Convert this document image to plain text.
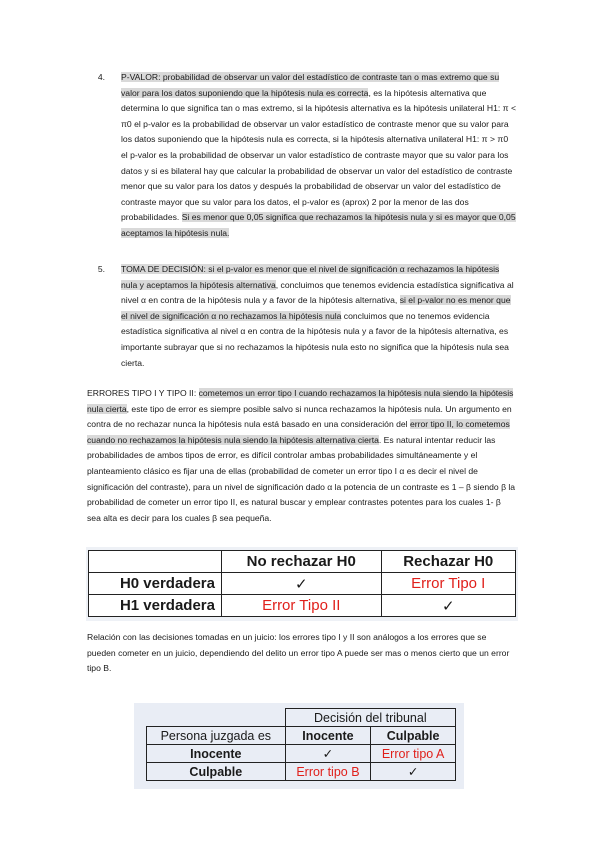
4. P-VALOR: probabilidad de observar un valor del estadístico de contraste tan o mas extremo que su valor para los datos suponiendo que la hipótesis nula es correcta, es la hipótesis alternativa que determina lo que significa tan o mas extremo, si la hipótesis alternativa es la hipótesis unilateral H1: π < π0 el p-valor es la probabilidad de observar un valor estadístico de contraste menor que su valor para los datos suponiendo que la hipótesis nula es correcta, si la hipótesis alternativa unilateral H1: π > π0 el p-valor es la probabilidad de observar un valor estadístico de contraste mayor que su valor para los datos y si es bilateral hay que calcular la probabilidad de observar un valor del estadístico de contraste menor que su valor para los datos y después la probabilidad de observar un valor del estadístico de contraste mayor que su valor para los datos, el p-valor es (aprox) 2 por la menor de las dos probabilidades. Si es menor que 0,05 significa que rechazamos la hipótesis nula y si es mayor que 0,05 aceptamos la hipótesis nula.
5. TOMA DE DECISIÓN: si el p-valor es menor que el nivel de significación α rechazamos la hipótesis nula y aceptamos la hipótesis alternativa, concluimos que tenemos evidencia estadística significativa al nivel α en contra de la hipótesis nula y a favor de la hipótesis alternativa, si el p-valor no es menor que el nivel de significación α no rechazamos la hipótesis nula concluimos que no tenemos evidencia estadística significativa al nivel α en contra de la hipótesis nula y a favor de la hipótesis alternativa, es importante subrayar que si no rechazamos la hipótesis nula esto no significa que la hipótesis nula sea cierta.
ERRORES TIPO I Y TIPO II: cometemos un error tipo I cuando rechazamos la hipótesis nula siendo la hipótesis nula cierta, este tipo de error es siempre posible salvo si nunca rechazamos la hipótesis nula. Un argumento en contra de no rechazar nunca la hipótesis nula está basado en una consideración del error tipo II, lo cometemos cuando no rechazamos la hipótesis nula siendo la hipótesis alternativa cierta. Es natural intentar reducir las probabilidades de ambos tipos de error, es difícil controlar ambas probabilidades simultáneamente y el planteamiento clásico es fijar una de ellas (probabilidad de cometer un error tipo I α es decir el nivel de significación del contraste), para un nivel de significación dado α la potencia de un contraste es 1 – β siendo β la probabilidad de cometer un error tipo II, es natural buscar y emplear contrastes potentes para los cuales 1- β sea alta es decir para los cuales β sea pequeña.
	No rechazar H0	Rechazar H0
H0 verdadera	✓	Error Tipo I
H1 verdadera	Error Tipo II	✓
Relación con las decisiones tomadas en un juicio: los errores tipo I y II son análogos a los errores que se pueden cometer en un juicio, dependiendo del delito un error tipo A puede ser mas o menos cierto que un error tipo B.
	Decisión del tribunal	
Persona juzgada es	Inocente	Culpable
Inocente	✓	Error tipo A
Culpable	Error tipo B	✓
